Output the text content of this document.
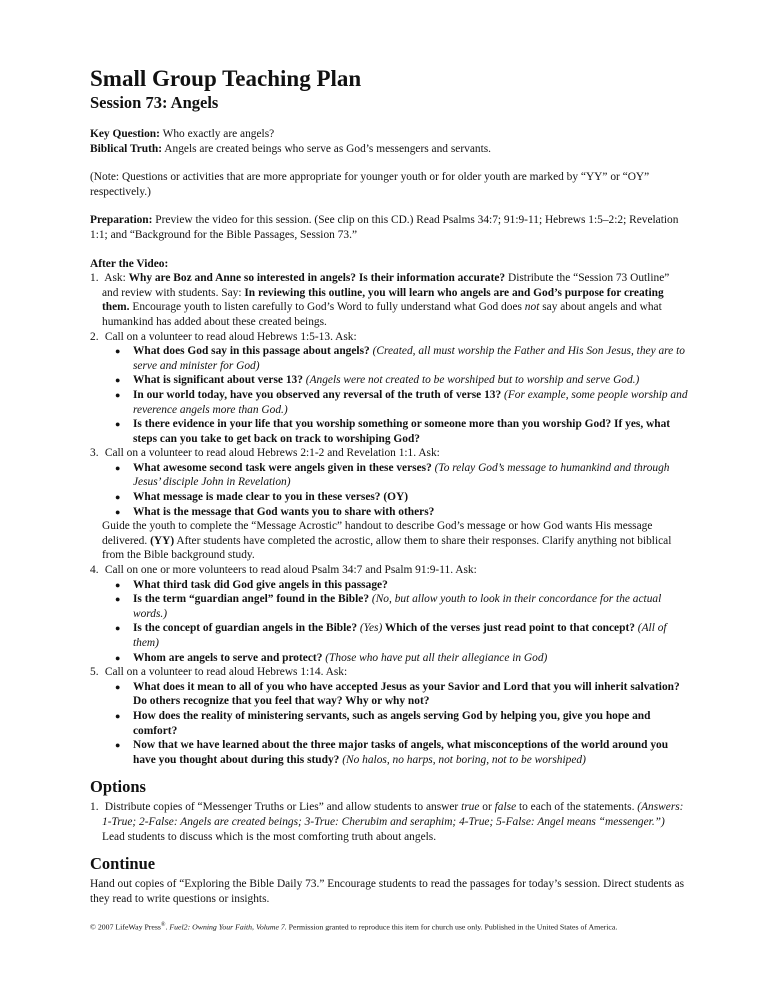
Small Group Teaching Plan
Session 73: Angels

Key Question: Who exactly are angels?

Biblical Truth: Angels are created beings who serve as God’s messengers and servants.

(Note: Questions or activities that are more appropriate for younger youth or for older youth are marked by “YY” or “OY” respectively.)

Preparation: Preview the video for this session. (See clip on this CD.) Read Psalms 34:7; 91:9-11; Hebrews 1:5–2:2; Revelation 1:1; and “Background for the Bible Passages, Session 73.”

After the Video:

1. Ask: Why are Boz and Anne so interested in angels? Is their information accurate? Distribute the “Session 73 Outline” and review with students. Say: In reviewing this outline, you will learn who angels are and God’s purpose for creating them. Encourage youth to listen carefully to God’s Word to fully understand what God does not say about angels and what humankind has added about these created beings.
2. Call on a volunteer to read aloud Hebrews 1:5-13. Ask:
● What does God say in this passage about angels? (Created, all must worship the Father and His Son Jesus, they are to serve and minister for God)
● What is significant about verse 13? (Angels were not created to be worshiped but to worship and serve God.)
● In our world today, have you observed any reversal of the truth of verse 13? (For example, some people worship and reverence angels more than God.)
● Is there evidence in your life that you worship something or someone more than you worship God? If yes, what steps can you take to get back on track to worshiping God?
3. Call on a volunteer to read aloud Hebrews 2:1-2 and Revelation 1:1. Ask:
● What awesome second task were angels given in these verses? (To relay God’s message to humankind and through Jesus’ disciple John in Revelation)
● What message is made clear to you in these verses? (OY)
● What is the message that God wants you to share with others?
Guide the youth to complete the “Message Acrostic” handout to describe God’s message or how God wants His message delivered. (YY) After students have completed the acrostic, allow them to share their responses. Clarify anything not biblical from the Bible background study.
4. Call on one or more volunteers to read aloud Psalm 34:7 and Psalm 91:9-11. Ask:
● What third task did God give angels in this passage?
● Is the term “guardian angel” found in the Bible? (No, but allow youth to look in their concordance for the actual words.)
● Is the concept of guardian angels in the Bible? (Yes) Which of the verses just read point to that concept? (All of them)
● Whom are angels to serve and protect? (Those who have put all their allegiance in God)
5. Call on a volunteer to read aloud Hebrews 1:14. Ask:
● What does it mean to all of you who have accepted Jesus as your Savior and Lord that you will inherit salvation? Do others recognize that you feel that way? Why or why not?
● How does the reality of ministering servants, such as angels serving God by helping you, give you hope and comfort?
● Now that we have learned about the three major tasks of angels, what misconceptions of the world around you have you thought about during this study? (No halos, no harps, not boring, not to be worshiped)
Options
1. Distribute copies of “Messenger Truths or Lies” and allow students to answer true or false to each of the statements. (Answers: 1-True; 2-False: Angels are created beings; 3-True: Cherubim and seraphim; 4-True; 5-False: Angel means “messenger.”) Lead students to discuss which is the most comforting truth about angels.
Continue

Hand out copies of “Exploring the Bible Daily 73.” Encourage students to read the passages for today’s session. Direct students as they read to write questions or insights.

© 2007 LifeWay Press®. Fuel2: Owning Your Faith, Volume 7. Permission granted to reproduce this item for church use only. Published in the United States of America.
